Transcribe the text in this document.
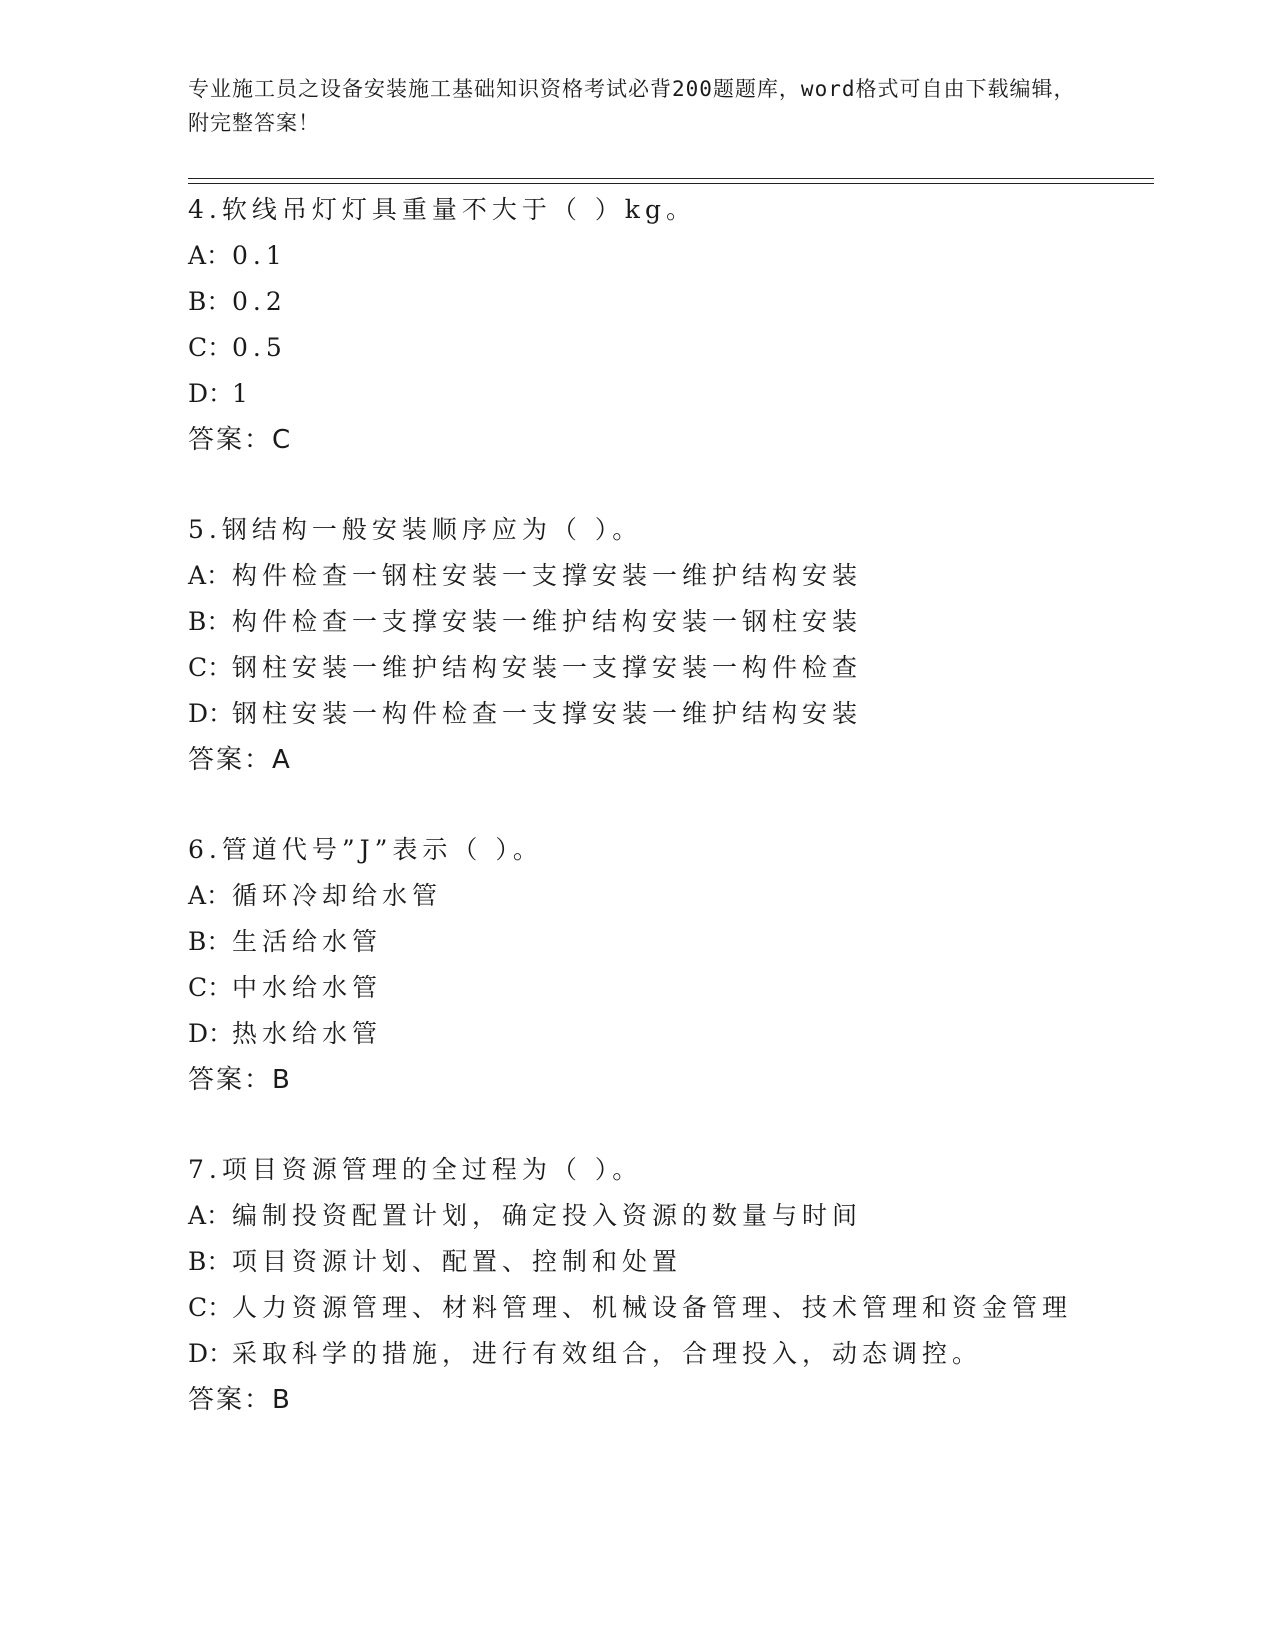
专业施工员之设备安装施工基础知识资格考试必背200题题库，word格式可自由下载编辑，附完整答案！
4.软线吊灯灯具重量不大于（ ）kg。
A：0.1
B：0.2
C：0.5
D：1
答案：C
5.钢结构一般安装顺序应为（ ）。
A：构件检查一钢柱安装一支撑安装一维护结构安装
B：构件检查一支撑安装一维护结构安装一钢柱安装
C：钢柱安装一维护结构安装一支撑安装一构件检查
D：钢柱安装一构件检查一支撑安装一维护结构安装
答案：A
6.管道代号”J”表示（ ）。
A：循环冷却给水管
B：生活给水管
C：中水给水管
D：热水给水管
答案：B
7.项目资源管理的全过程为（ ）。
A：编制投资配置计划，确定投入资源的数量与时间
B：项目资源计划、配置、控制和处置
C：人力资源管理、材料管理、机械设备管理、技术管理和资金管理
D：采取科学的措施，进行有效组合，合理投入，动态调控。
答案：B
